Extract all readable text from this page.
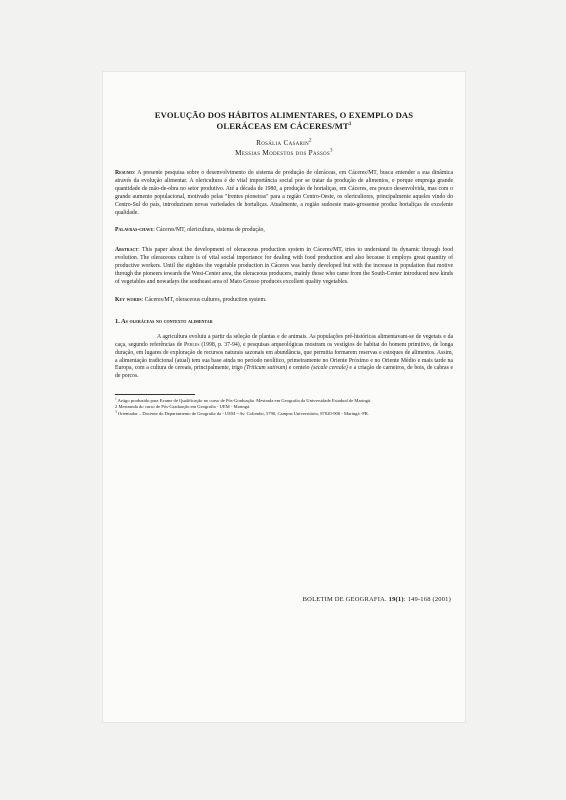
EVOLUÇÃO DOS HÁBITOS ALIMENTARES, O EXEMPLO DAS
OLERÁCEAS EM CÁCERES/$MT^1$
Rosália Casarin$^2$
Messias Modestos dos Passos$^3$

Resumo: A presente pesquisa sobre o desenvolvimento do sistema de produção de oleráceas, em Cáceres/MT, busca entender a sua dinâmica através da evolução alimentar. A olericultura é de vital importância social por se tratar da produção de alimentos, e porque emprega grande quantidade de mão-de-obra no setor produtivo. Até a década de 1980, a produção de hortaliças, em Cáceres, era pouco desenvolvida, mas com o grande aumento populacional, motivado pelas "frentes pioneiras" para a região Centro-Oeste, os olericultores, principalmente aqueles vindo do Centro-Sul do país, introduziram novas variedades de hortaliças. Atualmente, a região sudoeste mato-grossense produz hortaliças de excelente qualidade.

Palavras-chave: Cáceres/MT, olericultura, sistema de produção,

Abstract: This paper about the development of oleraceous production system in Cáceres/MT, tries to understand its dynamic through food evolution. The oleraceous culture is of vital social importance for dealing with food production and also because it employs great quantity of productive workers. Until the eighties the vegetable production in Cáceres was barely developed but with the increase in population that motive through the pioneers towards the West-Center area, the oleraceous producers, mainly those who came from the South-Center introduced new kinds of vegetables and nowadays the southeast area of Mato Grosso produces excellent quality vegetables.

Key words: Cáceres/MT, oleraceous cultures, production system.

1. As oleráceas no contexto alimentar

A agricultura evoluiu a partir da seleção de plantas e de animais. As populações pré-históricas alimentavam-se de vegetais e da caça, segundo referências de Perles (1998, p. 37-94), e pesquisas arqueológicas mostram os vestígios de habitat do homem primitivo, de longa duração, em lugares de exploração de recursos naturais sazonais em abundância, que permitia formarem reservas e estoques de alimentos. Assim, a alimentação tradicional (atual) tem sua base ainda no período neolítico, primeiramente no Oriente Próximo e no Oriente Médio e mais tarde na Europa, com a cultura de cereais, principalmente, trigo (Triticum sativum) e centeio (secale cereale) e a criação de carneiros, de bois, de cabras e de porcos.

$^1$ Artigo produzido para Exame de Qualificação no curso de Pós-Graduação. Mestrada em Geografia da Universidade Estadual de Maringá.

2 Mestranda do curso de Pós-Graduação em Geografia - UEM - Maringá.

$^3$ Orientador – Docente do Departamento de Geografia da - UEM --Av. Colombo, 5790, Campus Universitário, 87020-900 - Maringá -PR.

BOLETIM DE GEOGRAFIA. 19(1): 149-168 (2001)
